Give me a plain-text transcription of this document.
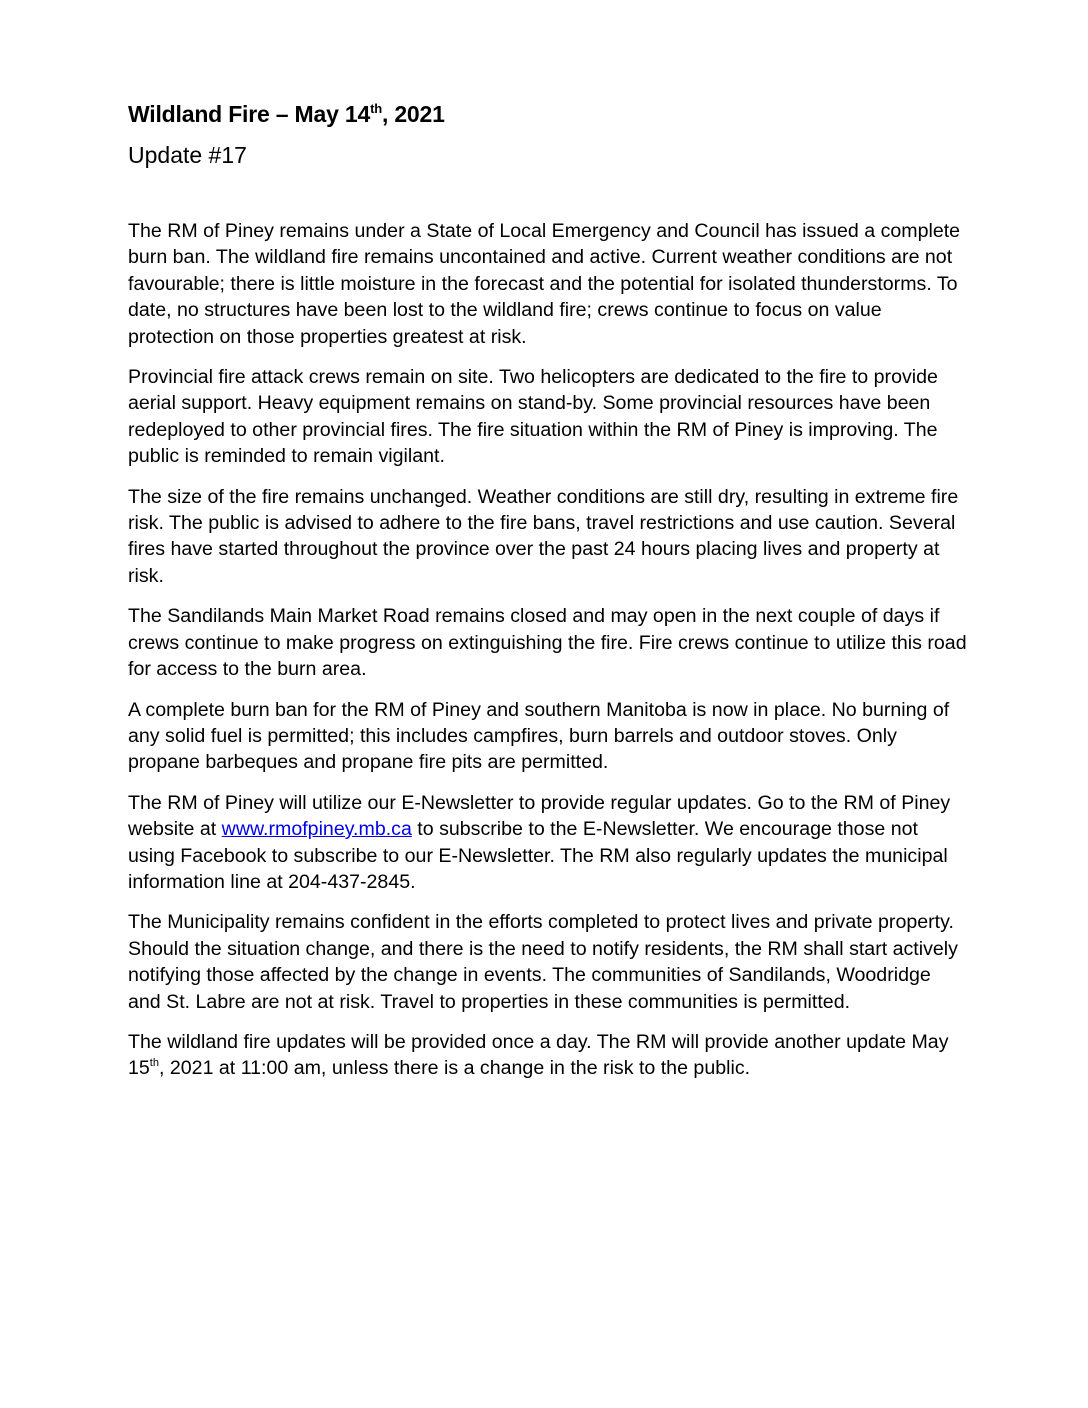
Wildland Fire – May 14th, 2021
Update #17

The RM of Piney remains under a State of Local Emergency and Council has issued a complete burn ban. The wildland fire remains uncontained and active. Current weather conditions are not favourable; there is little moisture in the forecast and the potential for isolated thunderstorms. To date, no structures have been lost to the wildland fire; crews continue to focus on value protection on those properties greatest at risk.

Provincial fire attack crews remain on site. Two helicopters are dedicated to the fire to provide aerial support. Heavy equipment remains on stand-by. Some provincial resources have been redeployed to other provincial fires. The fire situation within the RM of Piney is improving. The public is reminded to remain vigilant.

The size of the fire remains unchanged. Weather conditions are still dry, resulting in extreme fire risk. The public is advised to adhere to the fire bans, travel restrictions and use caution. Several fires have started throughout the province over the past 24 hours placing lives and property at risk.

The Sandilands Main Market Road remains closed and may open in the next couple of days if crews continue to make progress on extinguishing the fire. Fire crews continue to utilize this road for access to the burn area.

A complete burn ban for the RM of Piney and southern Manitoba is now in place. No burning of any solid fuel is permitted; this includes campfires, burn barrels and outdoor stoves. Only propane barbeques and propane fire pits are permitted.

The RM of Piney will utilize our E-Newsletter to provide regular updates. Go to the RM of Piney website at www.rmofpiney.mb.ca to subscribe to the E-Newsletter. We encourage those not using Facebook to subscribe to our E-Newsletter. The RM also regularly updates the municipal information line at 204-437-2845.

The Municipality remains confident in the efforts completed to protect lives and private property. Should the situation change, and there is the need to notify residents, the RM shall start actively notifying those affected by the change in events. The communities of Sandilands, Woodridge and St. Labre are not at risk. Travel to properties in these communities is permitted.

The wildland fire updates will be provided once a day. The RM will provide another update May 15th, 2021 at 11:00 am, unless there is a change in the risk to the public.
